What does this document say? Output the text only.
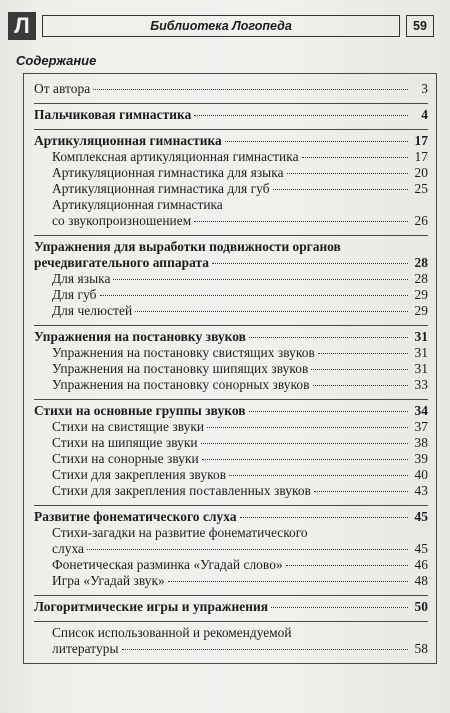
Л	Библиотека Логопеда	59
Содержание
От автора	3
Пальчиковая гимнастика	4
Артикуляционная гимнастика	17
Комплексная артикуляционная гимнастика	17
Артикуляционная гимнастика для языка	20
Артикуляционная гимнастика для губ	25
Артикуляционная гимнастика
со звукопроизношением	26
Упражнения для выработки подвижности органов
речедвигательного аппарата	28
Для языка	28
Для губ	29
Для челюстей	29
Упражнения на постановку звуков	31
Упражнения на постановку свистящих звуков	31
Упражнения на постановку шипящих звуков	31
Упражнения на постановку сонорных звуков	33
Стихи на основные группы звуков	34
Стихи на свистящие звуки	37
Стихи на шипящие звуки	38
Стихи на сонорные звуки	39
Стихи для закрепления звуков	40
Стихи для закрепления поставленных звуков	43
Развитие фонематического слуха	45
Стихи-загадки на развитие фонематического
слуха	45
Фонетическая разминка «Угадай слово»	46
Игра «Угадай звук»	48
Логоритмические игры и упражнения	50
Список использованной и рекомендуемой
литературы	58
